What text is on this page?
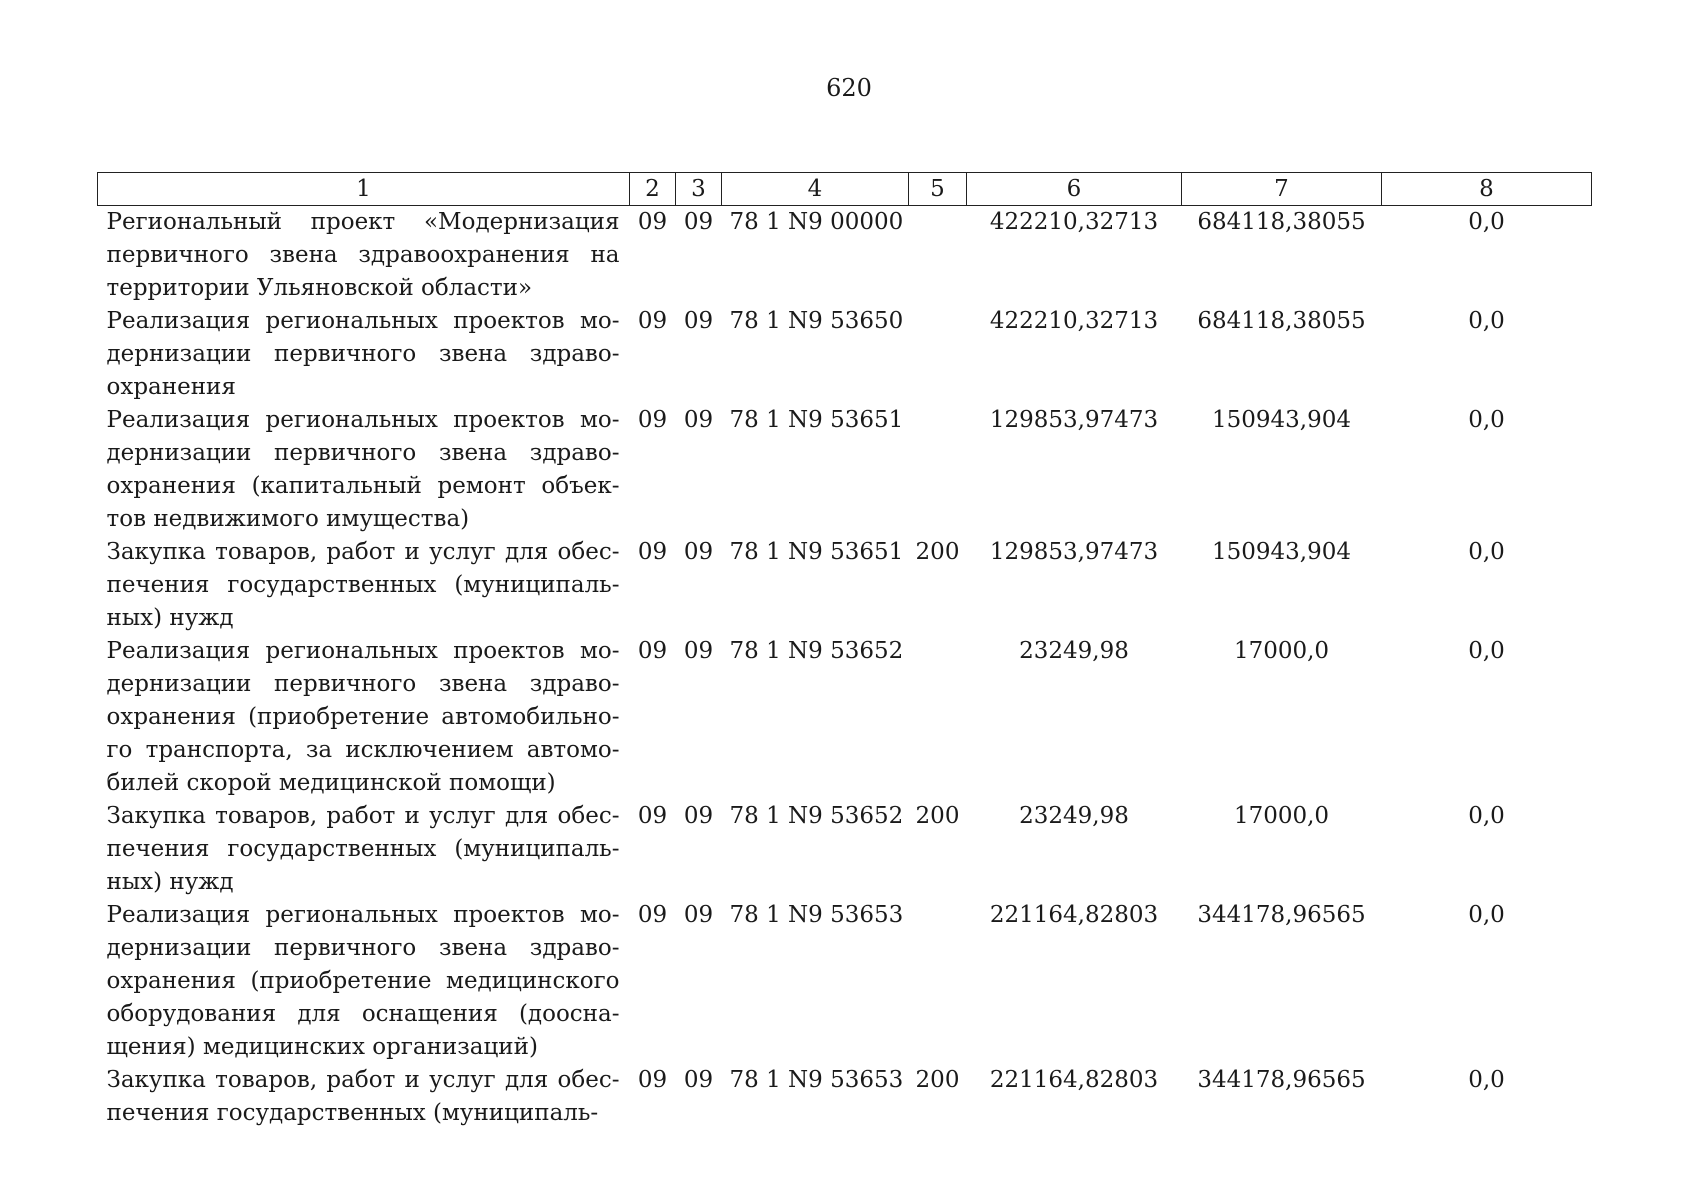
620
1	2	3	4	5	6	7	8
Региональный проект «Модернизация первичного звена здравоохранения на территории Ульяновской области»	09	09	78 1 N9 00000		422210,32713	684118,38055	0,0
Реализация региональных проектов модернизации первичного звена здравоохранения	09	09	78 1 N9 53650		422210,32713	684118,38055	0,0
Реализация региональных проектов модернизации первичного звена здравоохранения (капитальный ремонт объектов недвижимого имущества)	09	09	78 1 N9 53651		129853,97473	150943,904	0,0
Закупка товаров, работ и услуг для обеспечения государственных (муниципальных) нужд	09	09	78 1 N9 53651	200	129853,97473	150943,904	0,0
Реализация региональных проектов модернизации первичного звена здравоохранения (приобретение автомобильного транспорта, за исключением автомобилей скорой медицинской помощи)	09	09	78 1 N9 53652		23249,98	17000,0	0,0
Закупка товаров, работ и услуг для обеспечения государственных (муниципальных) нужд	09	09	78 1 N9 53652	200	23249,98	17000,0	0,0
Реализация региональных проектов модернизации первичного звена здравоохранения (приобретение медицинского оборудования для оснащения (дооснащения) медицинских организаций)	09	09	78 1 N9 53653		221164,82803	344178,96565	0,0
Закупка товаров, работ и услуг для обеспечения государственных (муниципаль-	09	09	78 1 N9 53653	200	221164,82803	344178,96565	0,0
